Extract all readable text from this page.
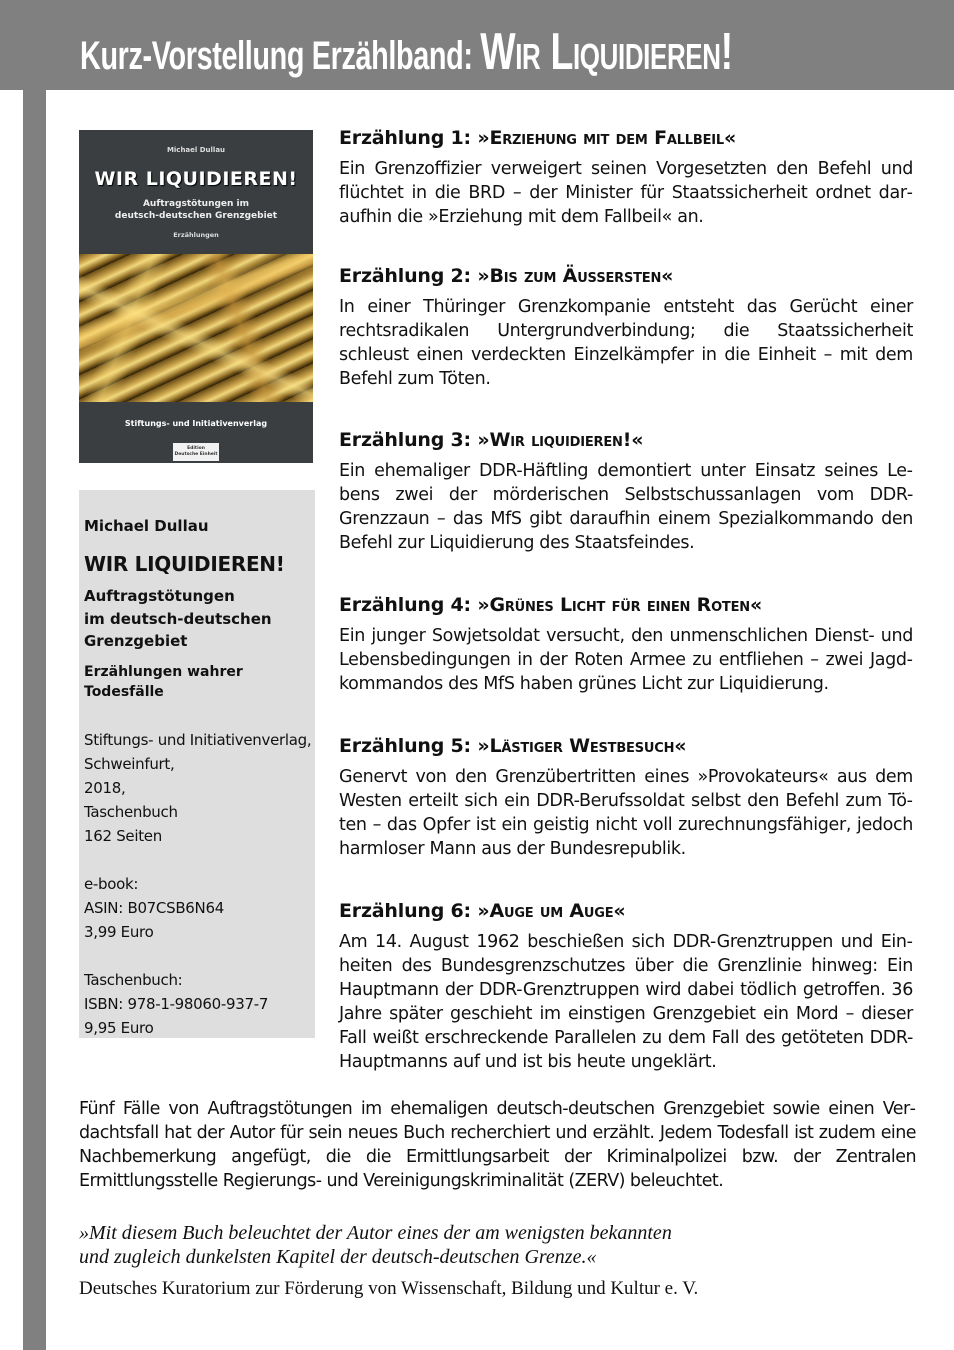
Kurz-Vorstellung Erzählband: Wir Liquidieren!
Michael Dullau
WIR LIQUIDIEREN!
Auftragstötungen im
deutsch-deutschen Grenzgebiet
Erzählungen
Stiftungs- und Initiativenverlag
Edition
Deutsche Einheit
Michael Dullau
WIR LIQUIDIEREN!
Auftragstötungen
im deutsch-deutschen
Grenzgebiet
Erzählungen wahrer Todesfälle
Stiftungs- und Initiativenverlag,
Schweinfurt,
2018,
Taschenbuch
162 Seiten
e-book:
ASIN: B07CSB6N64
3,99 Euro
Taschenbuch:
ISBN: 978-1-98060-937-7
9,95 Euro
Erzählung 1: »Erziehung mit dem Fallbeil«
Ein Grenzoffizier verweigert seinen Vorgesetzten den Befehl und flüchtet in die BRD – der Minister für Staatssicherheit ordnet daraufhin die »Erziehung mit dem Fallbeil« an.
Erzählung 2: »Bis zum Äußersten«
In einer Thüringer Grenzkompanie entsteht das Gerücht einer rechtsradikalen Untergrundverbindung; die Staatssicherheit schleust einen verdeckten Einzelkämpfer in die Einheit – mit dem Befehl zum Töten.
Erzählung 3: »Wir liquidieren!«
Ein ehemaliger DDR-Häftling demontiert unter Einsatz seines Lebens zwei der mörderischen Selbstschussanlagen vom DDR-Grenzzaun – das MfS gibt daraufhin einem Spezialkommando den Befehl zur Liquidierung des Staatsfeindes.
Erzählung 4: »Grünes Licht für einen Roten«
Ein junger Sowjetsoldat versucht, den unmenschlichen Dienst- und Lebensbedingungen in der Roten Armee zu entfliehen – zwei Jagdkommandos des MfS haben grünes Licht zur Liquidierung.
Erzählung 5: »Lästiger Westbesuch«
Genervt von den Grenzübertritten eines »Provokateurs« aus dem Westen erteilt sich ein DDR-Berufssoldat selbst den Befehl zum Töten – das Opfer ist ein geistig nicht voll zurechnungsfähiger, jedoch harmloser Mann aus der Bundesrepublik.
Erzählung 6: »Auge um Auge«
Am 14. August 1962 beschießen sich DDR-Grenztruppen und Einheiten des Bundesgrenzschutzes über die Grenzlinie hinweg: Ein Hauptmann der DDR-Grenztruppen wird dabei tödlich getroffen. 36 Jahre später geschieht im einstigen Grenzgebiet ein Mord – dieser Fall weißt erschreckende Parallelen zu dem Fall des getöteten DDR-Hauptmanns auf und ist bis heute ungeklärt.
Fünf Fälle von Auftragstötungen im ehemaligen deutsch-deutschen Grenzgebiet sowie einen Verdachtsfall hat der Autor für sein neues Buch recherchiert und erzählt. Jedem Todesfall ist zudem eine Nachbemerkung angefügt, die die Ermittlungsarbeit der Kriminalpolizei bzw. der Zentralen Ermittlungsstelle Regierungs- und Vereinigungskriminalität (ZERV) beleuchtet.
»Mit diesem Buch beleuchtet der Autor eines der am wenigsten bekannten
und zugleich dunkelsten Kapitel der deutsch-deutschen Grenze.«
Deutsches Kuratorium zur Förderung von Wissenschaft, Bildung und Kultur e. V.
